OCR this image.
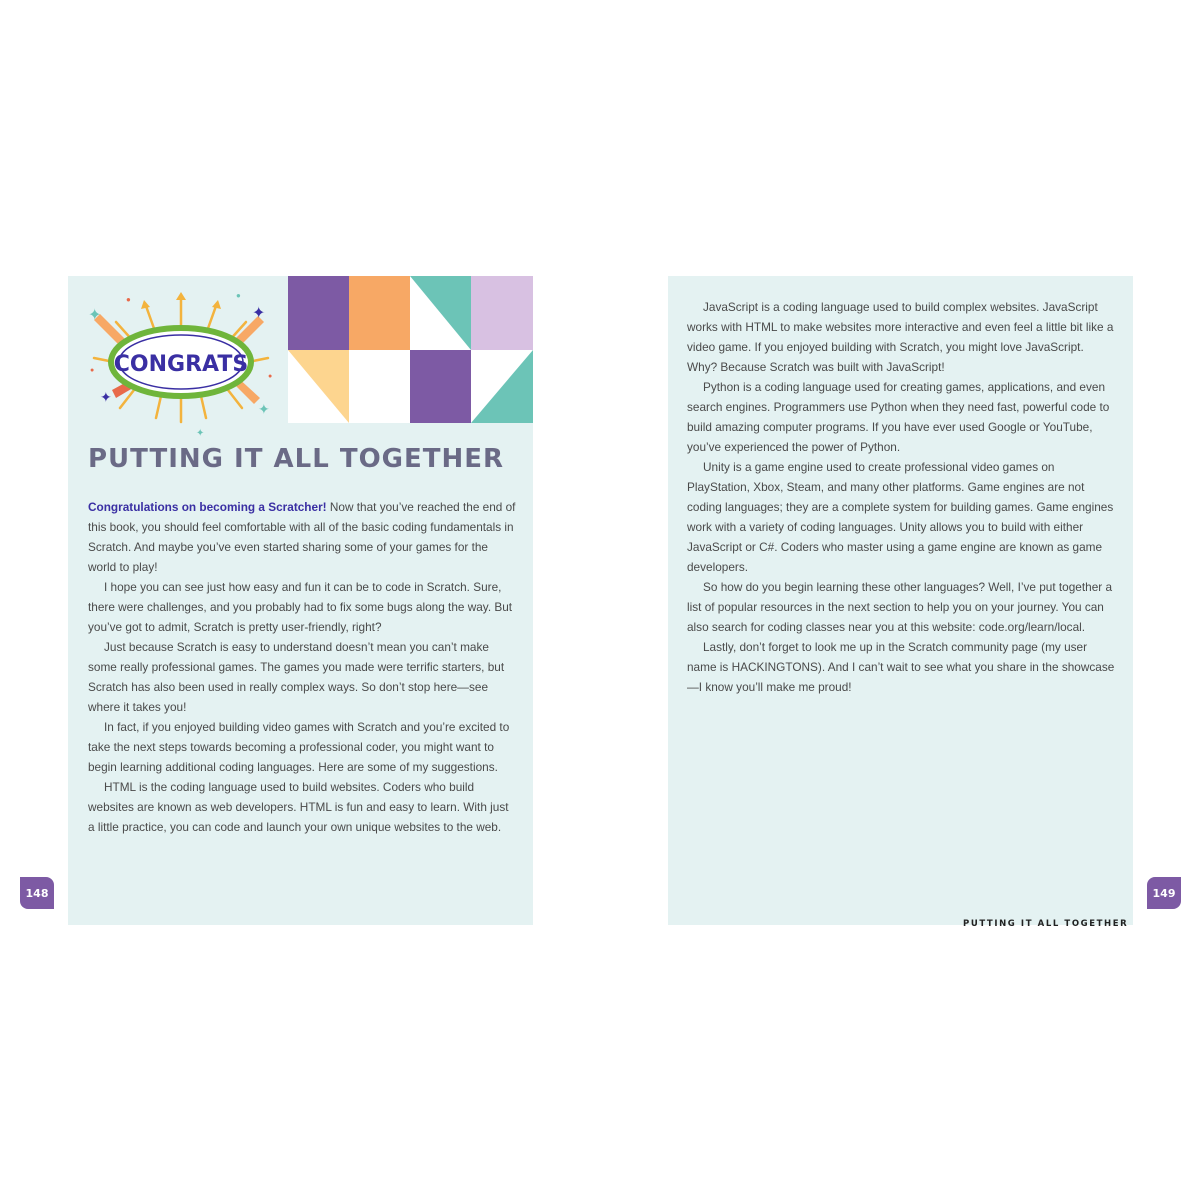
✦	✦
✦
✦
✦
●	●
●
●
CONGRATS
PUTTING IT ALL TOGETHER

Congratulations on becoming a Scratcher! Now that you’ve reached the end of this book, you should feel comfortable with all of the basic coding fundamentals in Scratch. And maybe you’ve even started sharing some of your games for the world to play!

I hope you can see just how easy and fun it can be to code in Scratch. Sure, there were challenges, and you probably had to fix some bugs along the way. But you’ve got to admit, Scratch is pretty user-friendly, right?

Just because Scratch is easy to understand doesn’t mean you can’t make some really professional games. The games you made were terrific starters, but Scratch has also been used in really complex ways. So don’t stop here—see where it takes you!

In fact, if you enjoyed building video games with Scratch and you’re excited to take the next steps towards becoming a professional coder, you might want to begin learning additional coding languages. Here are some of my suggestions.

HTML is the coding language used to build websites. Coders who build websites are known as web developers. HTML is fun and easy to learn. With just a little practice, you can code and launch your own unique websites to the web.

JavaScript is a coding language used to build complex websites. JavaScript works with HTML to make websites more interactive and even feel a little bit like a video game. If you enjoyed building with Scratch, you might love JavaScript. Why? Because Scratch was built with JavaScript!

Python is a coding language used for creating games, applications, and even search engines. Programmers use Python when they need fast, powerful code to build amazing computer programs. If you have ever used Google or YouTube, you’ve experienced the power of Python.

Unity is a game engine used to create professional video games on PlayStation, Xbox, Steam, and many other platforms. Game engines are not coding languages; they are a complete system for building games. Game engines work with a variety of coding languages. Unity allows you to build with either JavaScript or C#. Coders who master using a game engine are known as game developers.

So how do you begin learning these other languages? Well, I’ve put together a list of popular resources in the next section to help you on your journey. You can also search for coding classes near you at this website: code.org/learn/local.

Lastly, don’t forget to look me up in the Scratch community page (my user name is HACKINGTONS). And I can’t wait to see what you share in the showcase—I know you’ll make me proud!

148	149
PUTTING IT ALL TOGETHER
